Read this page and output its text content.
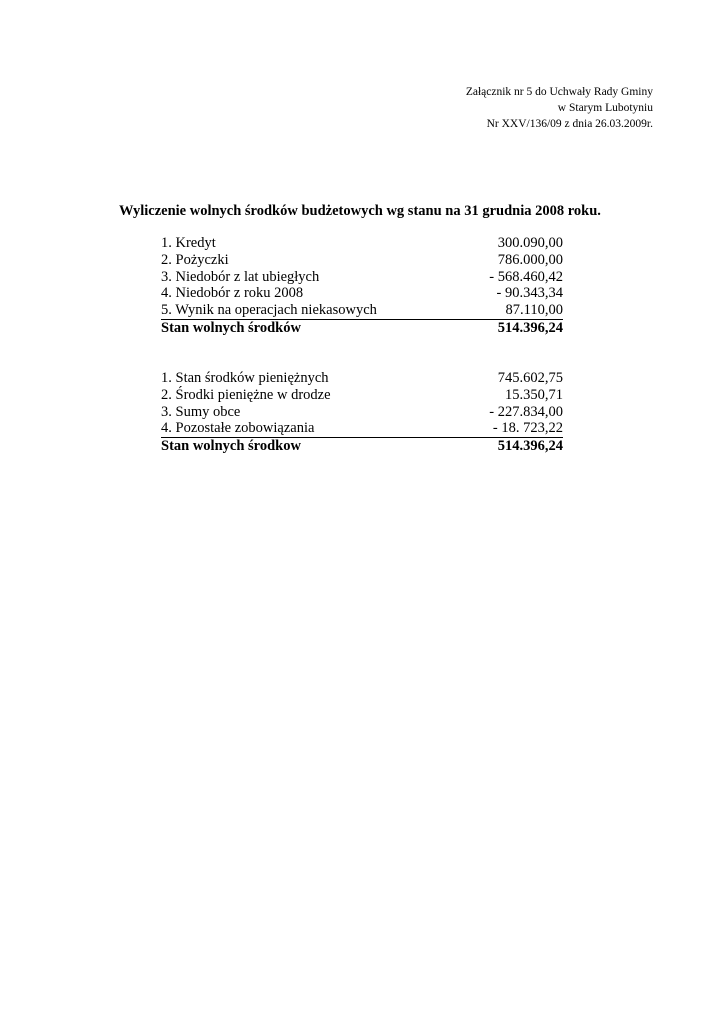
Załącznik nr 5 do Uchwały Rady Gminy
w Starym Lubotyniu
Nr XXV/136/09 z dnia 26.03.2009r.
Wyliczenie wolnych środków budżetowych wg stanu na 31 grudnia 2008 roku.
1. Kredyt	300.090,00
2. Pożyczki	786.000,00
3. Niedobór z lat ubiegłych	- 568.460,42
4. Niedobór z roku 2008	- 90.343,34
5. Wynik na operacjach niekasowych	87.110,00
Stan wolnych środków	514.396,24
1. Stan środków pieniężnych	745.602,75
2. Środki pieniężne w drodze	15.350,71
3. Sumy obce	- 227.834,00
4. Pozostałe zobowiązania	- 18. 723,22
Stan wolnych środkow	514.396,24
